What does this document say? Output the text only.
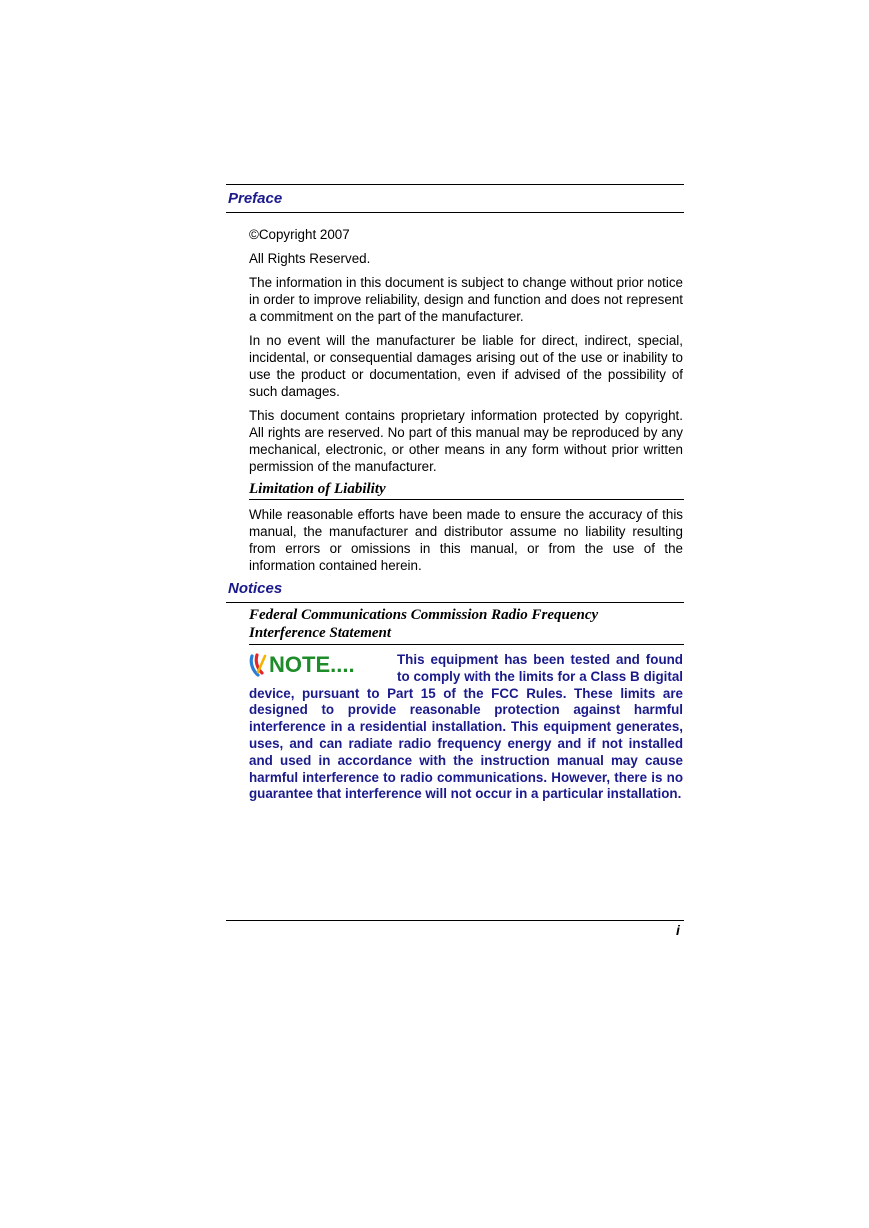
Preface

©Copyright 2007

All Rights Reserved.

The information in this document is subject to change without prior notice in order to improve reliability, design and function and does not represent a commitment on the part of the manufacturer.

In no event will the manufacturer be liable for direct, indirect, special, incidental, or consequential damages arising out of the use or inability to use the product or documentation, even if advised of the possibility of such damages.

This document contains proprietary information protected by copyright. All rights are reserved. No part of this manual may be reproduced by any mechanical, electronic, or other means in any form without prior written permission of the manufacturer.

Limitation of Liability

While reasonable efforts have been made to ensure the accuracy of this manual, the manufacturer and distributor assume no liability resulting from errors or omissions in this manual, or from the use of the information contained herein.

Notices
Federal Communications Commission Radio Frequency
Interference Statement
NOTE....	This equipment has been tested and found to comply with the limits for a Class B digital device, pursuant to Part 15 of the FCC Rules. These limits are designed to provide reasonable protection against harmful interference in a residential installation. This equipment generates, uses, and can radiate radio frequency energy and if not installed and used in accordance with the instruction manual may cause harmful interference to radio communications. However, there is no guarantee that interference will not occur in a particular installation.
i
